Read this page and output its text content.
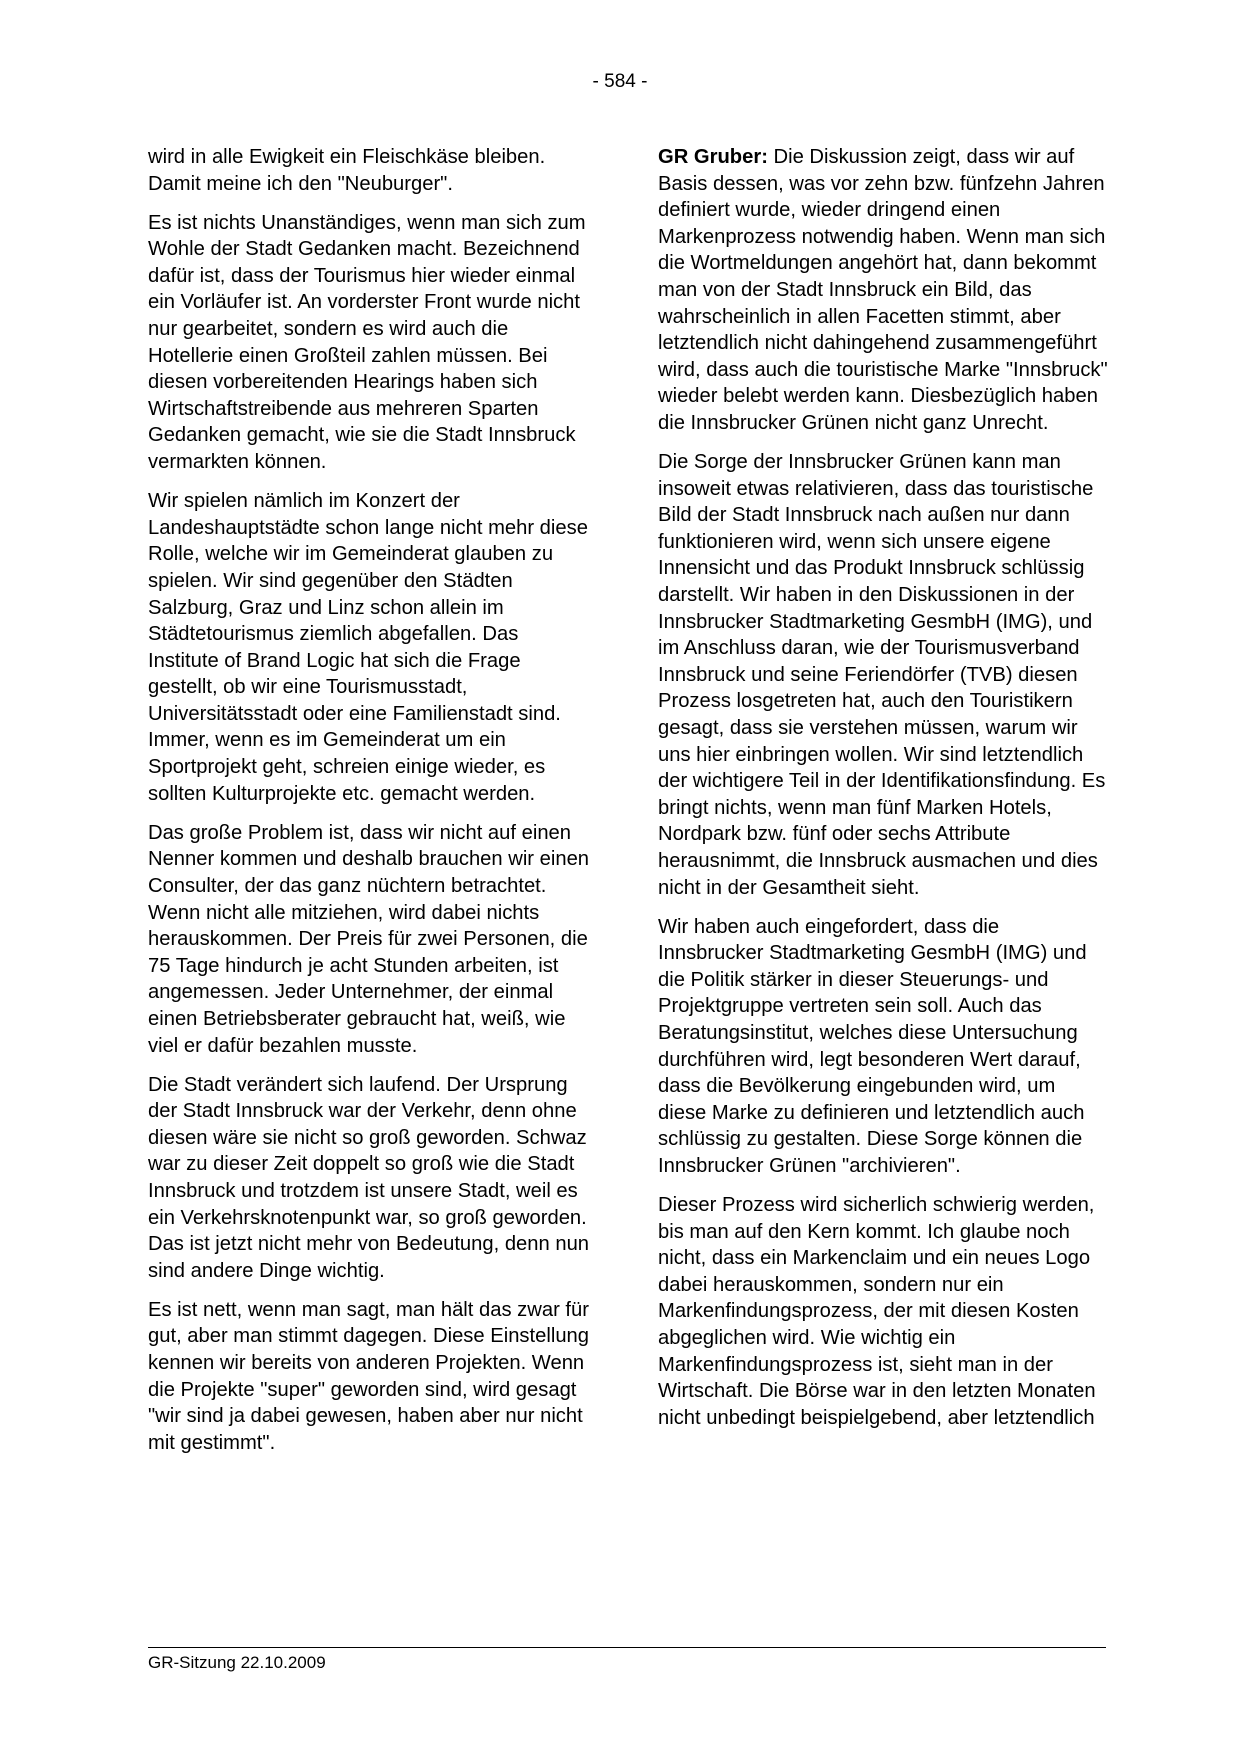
- 584 -

wird in alle Ewigkeit ein Fleischkäse bleiben. Damit meine ich den "Neuburger".

Es ist nichts Unanständiges, wenn man sich zum Wohle der Stadt Gedanken macht. Bezeichnend dafür ist, dass der Tourismus hier wieder einmal ein Vorläufer ist. An vorderster Front wurde nicht nur gearbeitet, sondern es wird auch die Hotellerie einen Großteil zahlen müssen. Bei diesen vorbereitenden Hearings haben sich Wirtschaftstreibende aus mehreren Sparten Gedanken gemacht, wie sie die Stadt Innsbruck vermarkten können.

Wir spielen nämlich im Konzert der Landeshauptstädte schon lange nicht mehr diese Rolle, welche wir im Gemeinderat glauben zu spielen. Wir sind gegenüber den Städten Salzburg, Graz und Linz schon allein im Städtetourismus ziemlich abgefallen. Das Institute of Brand Logic hat sich die Frage gestellt, ob wir eine Tourismusstadt, Universitätsstadt oder eine Familienstadt sind. Immer, wenn es im Gemeinderat um ein Sportprojekt geht, schreien einige wieder, es sollten Kulturprojekte etc. gemacht werden.

Das große Problem ist, dass wir nicht auf einen Nenner kommen und deshalb brauchen wir einen Consulter, der das ganz nüchtern betrachtet. Wenn nicht alle mitziehen, wird dabei nichts herauskommen. Der Preis für zwei Personen, die 75 Tage hindurch je acht Stunden arbeiten, ist angemessen. Jeder Unternehmer, der einmal einen Betriebsberater gebraucht hat, weiß, wie viel er dafür bezahlen musste.

Die Stadt verändert sich laufend. Der Ursprung der Stadt Innsbruck war der Verkehr, denn ohne diesen wäre sie nicht so groß geworden. Schwaz war zu dieser Zeit doppelt so groß wie die Stadt Innsbruck und trotzdem ist unsere Stadt, weil es ein Verkehrsknotenpunkt war, so groß geworden. Das ist jetzt nicht mehr von Bedeutung, denn nun sind andere Dinge wichtig.

Es ist nett, wenn man sagt, man hält das zwar für gut, aber man stimmt dagegen. Diese Einstellung kennen wir bereits von anderen Projekten. Wenn die Projekte "super" geworden sind, wird gesagt "wir sind ja dabei gewesen, haben aber nur nicht mit gestimmt".

GR Gruber: Die Diskussion zeigt, dass wir auf Basis dessen, was vor zehn bzw. fünfzehn Jahren definiert wurde, wieder dringend einen Markenprozess notwendig haben. Wenn man sich die Wortmeldungen angehört hat, dann bekommt man von der Stadt Innsbruck ein Bild, das wahrscheinlich in allen Facetten stimmt, aber letztendlich nicht dahingehend zusammengeführt wird, dass auch die touristische Marke "Innsbruck" wieder belebt werden kann. Diesbezüglich haben die Innsbrucker Grünen nicht ganz Unrecht.

Die Sorge der Innsbrucker Grünen kann man insoweit etwas relativieren, dass das touristische Bild der Stadt Innsbruck nach außen nur dann funktionieren wird, wenn sich unsere eigene Innensicht und das Produkt Innsbruck schlüssig darstellt. Wir haben in den Diskussionen in der Innsbrucker Stadtmarketing GesmbH (IMG), und im Anschluss daran, wie der Tourismusverband Innsbruck und seine Feriendörfer (TVB) diesen Prozess losgetreten hat, auch den Touristikern gesagt, dass sie verstehen müssen, warum wir uns hier einbringen wollen. Wir sind letztendlich der wichtigere Teil in der Identifikationsfindung. Es bringt nichts, wenn man fünf Marken Hotels, Nordpark bzw. fünf oder sechs Attribute herausnimmt, die Innsbruck ausmachen und dies nicht in der Gesamtheit sieht.

Wir haben auch eingefordert, dass die Innsbrucker Stadtmarketing GesmbH (IMG) und die Politik stärker in dieser Steuerungs- und Projektgruppe vertreten sein soll. Auch das Beratungsinstitut, welches diese Untersuchung durchführen wird, legt besonderen Wert darauf, dass die Bevölkerung eingebunden wird, um diese Marke zu definieren und letztendlich auch schlüssig zu gestalten. Diese Sorge können die Innsbrucker Grünen "archivieren".

Dieser Prozess wird sicherlich schwierig werden, bis man auf den Kern kommt. Ich glaube noch nicht, dass ein Markenclaim und ein neues Logo dabei herauskommen, sondern nur ein Markenfindungsprozess, der mit diesen Kosten abgeglichen wird. Wie wichtig ein Markenfindungsprozess ist, sieht man in der Wirtschaft. Die Börse war in den letzten Monaten nicht unbedingt beispielgebend, aber letztendlich

GR-Sitzung 22.10.2009
